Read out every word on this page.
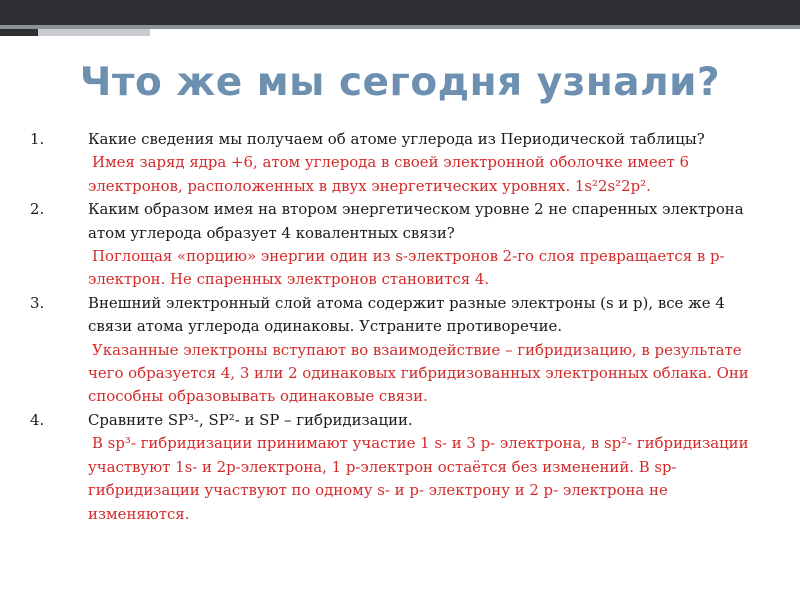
Что же мы сегодня узнали?
1.	Какие сведения мы получаем об атоме углерода из Периодической таблицы?

Имея заряд ядра +6, атом углерода в своей электронной оболочке имеет 6 электронов, расположенных в двух энергетических уровнях. 1s²2s²2p².

2.	Каким образом имея на втором энергетическом уровне 2 не спаренных электрона атом углерода образует 4 ковалентных связи?

Поглощая «порцию» энергии один из s-электронов 2-го слоя превращается в p-электрон. Не спаренных электронов становится 4.

3.	Внешний электронный слой атома содержит разные электроны (s и p), все же 4 связи атома углерода одинаковы. Устраните противоречие.

Указанные электроны вступают во взаимодействие – гибридизацию, в результате чего образуется 4, 3 или 2 одинаковых гибридизованных электронных облака. Они способны образовывать одинаковые связи.

4.	Сравните SP³-, SP²- и SP – гибридизации.

В sp³- гибридизации принимают участие 1 s- и 3 p- электрона, в sp²- гибридизации участвуют 1s- и 2p-электрона, 1 p-электрон остаётся без изменений. В sp- гибридизации участвуют по одному s- и p- электрону и 2 p- электрона не изменяются.
